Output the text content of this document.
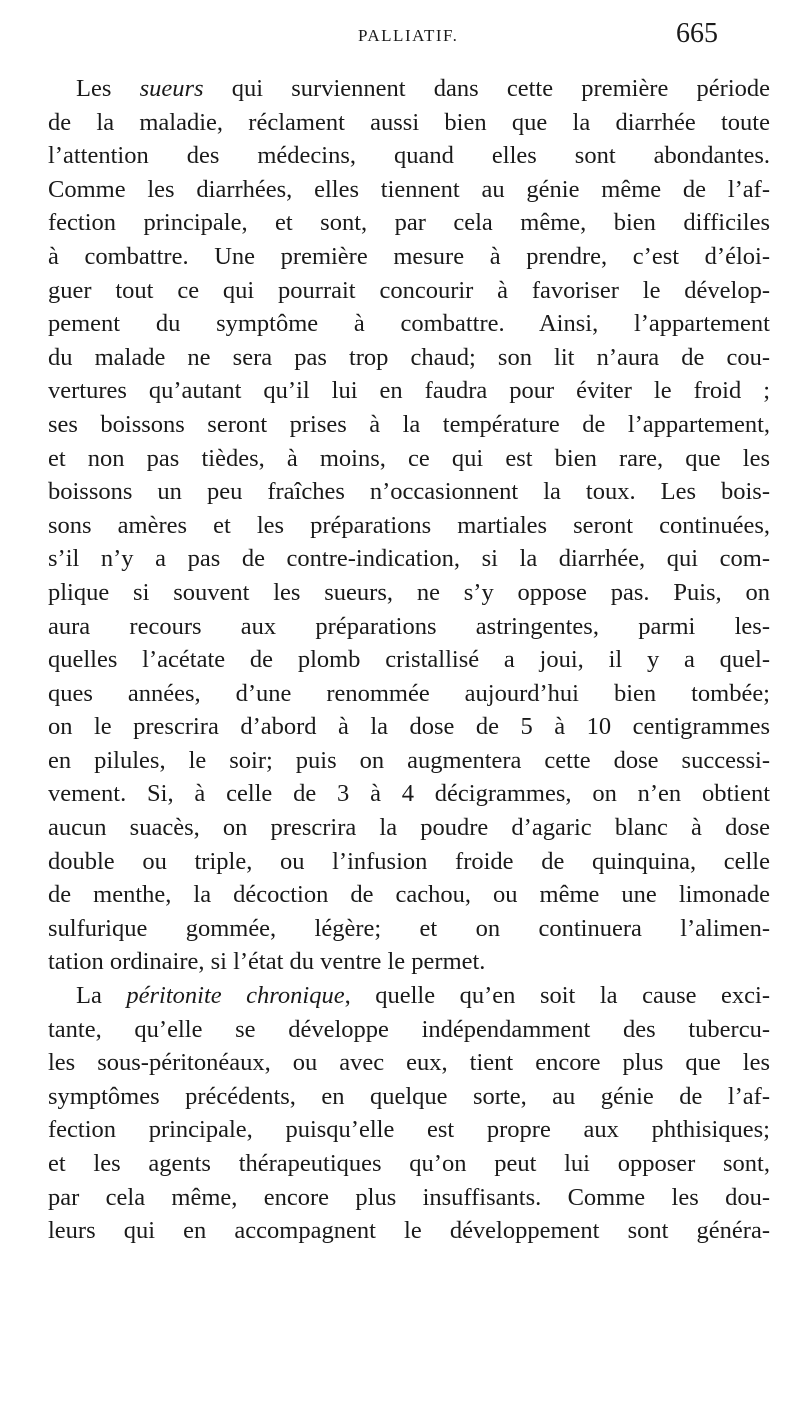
PALLIATIF.	665
Les sueurs qui surviennent dans cette première période
de la maladie, réclament aussi bien que la diarrhée toute
l’attention des médecins, quand elles sont abondantes.
Comme les diarrhées, elles tiennent au génie même de l’af-
fection principale, et sont, par cela même, bien difficiles
à combattre. Une première mesure à prendre, c’est d’éloi-
guer tout ce qui pourrait concourir à favoriser le dévelop-
pement du symptôme à combattre. Ainsi, l’appartement
du malade ne sera pas trop chaud; son lit n’aura de cou-
vertures qu’autant qu’il lui en faudra pour éviter le froid ;
ses boissons seront prises à la température de l’appartement,
et non pas tièdes, à moins, ce qui est bien rare, que les
boissons un peu fraîches n’occasionnent la toux. Les bois-
sons amères et les préparations martiales seront continuées,
s’il n’y a pas de contre-indication, si la diarrhée, qui com-
plique si souvent les sueurs, ne s’y oppose pas. Puis, on
aura recours aux préparations astringentes, parmi les-
quelles l’acétate de plomb cristallisé a joui, il y a quel-
ques années, d’une renommée aujourd’hui bien tombée;
on le prescrira d’abord à la dose de 5 à 10 centigrammes
en pilules, le soir; puis on augmentera cette dose successi-
vement. Si, à celle de 3 à 4 décigrammes, on n’en obtient
aucun suacès, on prescrira la poudre d’agaric blanc à dose
double ou triple, ou l’infusion froide de quinquina, celle
de menthe, la décoction de cachou, ou même une limonade
sulfurique gommée, légère; et on continuera l’alimen-
tation ordinaire, si l’état du ventre le permet.
La péritonite chronique, quelle qu’en soit la cause exci-
tante, qu’elle se développe indépendamment des tubercu-
les sous-péritonéaux, ou avec eux, tient encore plus que les
symptômes précédents, en quelque sorte, au génie de l’af-
fection principale, puisqu’elle est propre aux phthisiques;
et les agents thérapeutiques qu’on peut lui opposer sont,
par cela même, encore plus insuffisants. Comme les dou-
leurs qui en accompagnent le développement sont généra-
